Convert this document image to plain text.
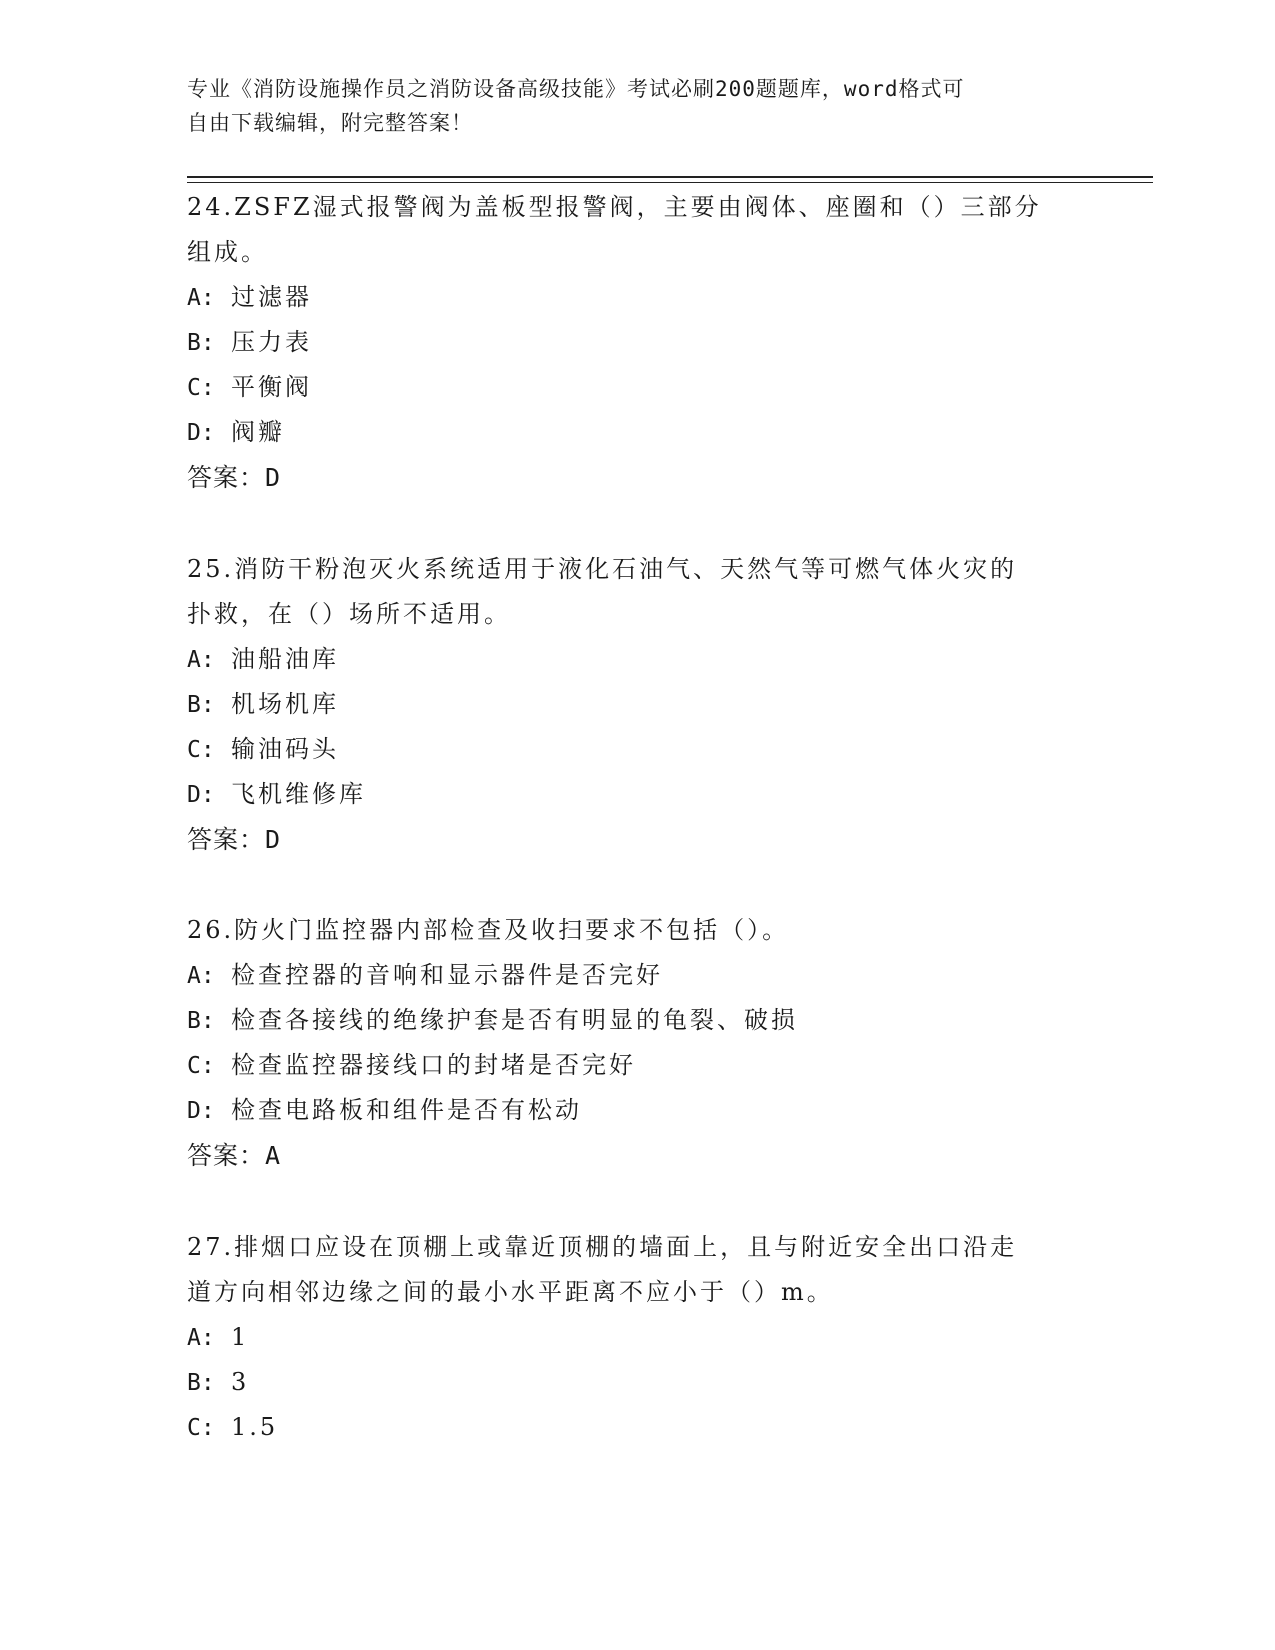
专业《消防设施操作员之消防设备高级技能》考试必刷200题题库，word格式可
自由下载编辑，附完整答案！
24.ZSFZ湿式报警阀为盖板型报警阀，主要由阀体、座圈和（）三部分
组成。
A: 过滤器
B: 压力表
C: 平衡阀
D: 阀瓣
答案：D
25.消防干粉泡灭火系统适用于液化石油气、天然气等可燃气体火灾的
扑救，在（）场所不适用。
A: 油船油库
B: 机场机库
C: 输油码头
D: 飞机维修库
答案：D
26.防火门监控器内部检查及收扫要求不包括（）。
A: 检查控器的音响和显示器件是否完好
B: 检查各接线的绝缘护套是否有明显的龟裂、破损
C: 检查监控器接线口的封堵是否完好
D: 检查电路板和组件是否有松动
答案：A
27.排烟口应设在顶棚上或靠近顶棚的墙面上，且与附近安全出口沿走
道方向相邻边缘之间的最小水平距离不应小于（）m。
A: 1
B: 3
C: 1.5
